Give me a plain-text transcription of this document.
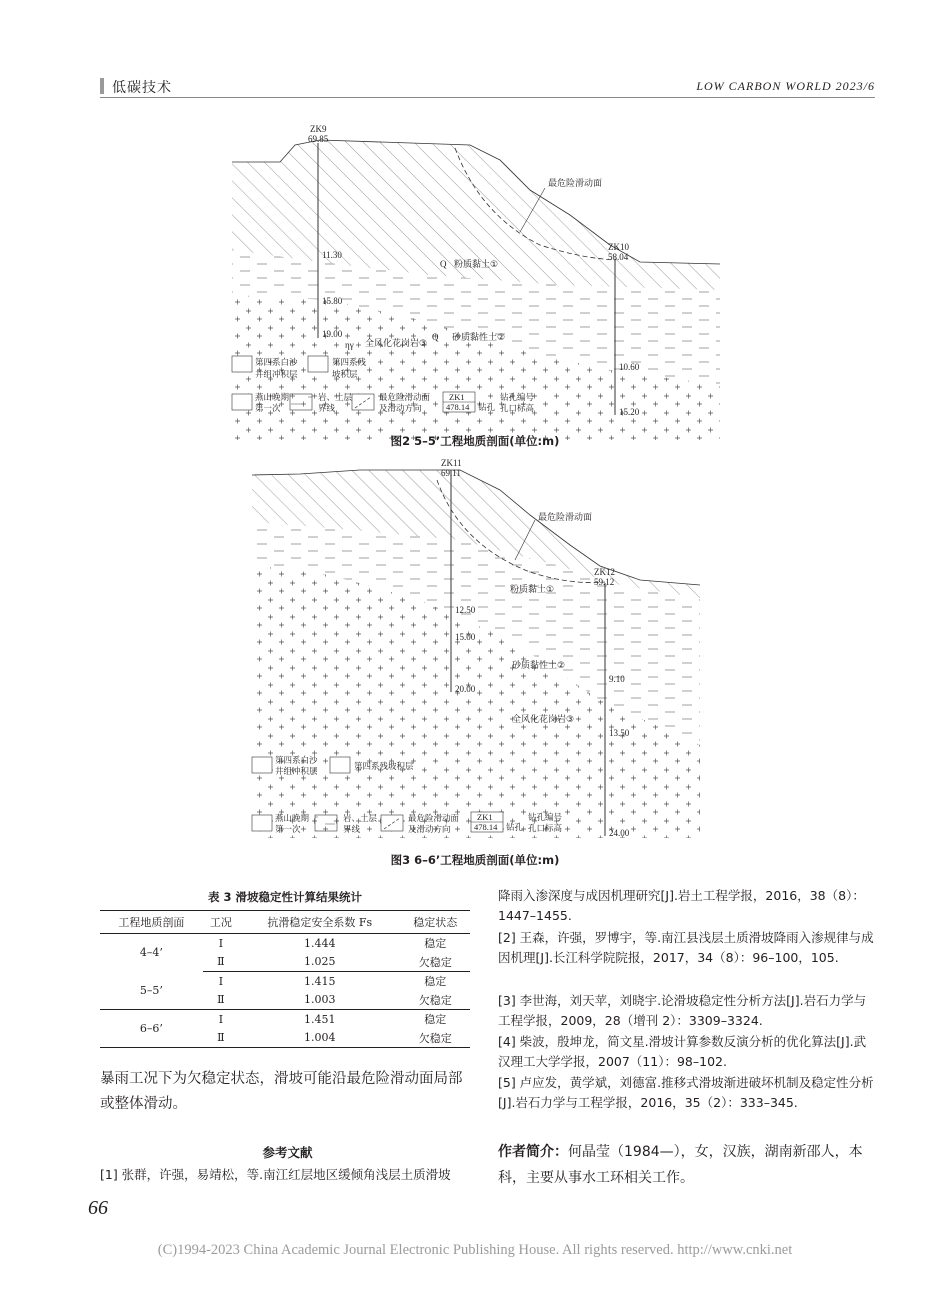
低碳技术	LOW CARBON WORLD 2023/6
ZK9
69.85
11.30
15.80
19.00
ZK10
58.04
10.60
15.20
最危险滑动面
Q 粉质黏土①
Q 砂质黏性土②
ηγ 全风化花岗岩③
第四系白沙
井组冲积层
第四系残
坡积层
燕山晚期
第一次
岩、土层
界线
最危险滑动面
及滑动方向
ZK1
478.14 钻孔
钻孔编号
孔口标高
ZK11
69.11
12.50
15.00
20.00
ZK12
59.12
9.10
13.50
24.00
最危险滑动面
粉质黏土①
砂质黏性土②
全风化花岗岩③
第四系白沙
井组冲积层	第四系残坡积层
燕山晚期
第一次
岩、土层
界线
最危险滑动面
及滑动方向
ZK1
478.14 钻孔
钻孔编号
孔口标高
图2 5–5’工程地质剖面(单位:m)
图3 6–6’工程地质剖面(单位:m)
表 3 滑坡稳定性计算结果统计
工程地质剖面	工况	抗滑稳定安全系数 Fs	稳定状态
4–4’	Ⅰ	1.444	稳定
	Ⅱ	1.025	欠稳定
5–5’	Ⅰ	1.415	稳定
	Ⅱ	1.003	欠稳定
6–6’	Ⅰ	1.451	稳定
	Ⅱ	1.004	欠稳定
暴雨工况下为欠稳定状态，滑坡可能沿最危险滑动面局部或整体滑动。
参考文献
[1] 张群，许强，易靖松，等.南江红层地区缓倾角浅层土质滑坡
降雨入渗深度与成因机理研究[J].岩土工程学报，2016，38（8）：1447–1455.
[2] 王森，许强，罗博宇，等.南江县浅层土质滑坡降雨入渗规律与成因机理[J].长江科学院院报，2017，34（8）：96–100，105.
[3] 李世海，刘天苹，刘晓宇.论滑坡稳定性分析方法[J].岩石力学与工程学报，2009，28（增刊 2）：3309–3324.
[4] 柴波，殷坤龙，简文星.滑坡计算参数反演分析的优化算法[J].武汉理工大学学报，2007（11）：98–102.
[5] 卢应发，黄学斌，刘德富.推移式滑坡渐进破坏机制及稳定性分析[J].岩石力学与工程学报，2016，35（2）：333–345.
作者简介：何晶莹（1984—），女，汉族，湖南新邵人，本科，主要从事水工环相关工作。
66
(C)1994-2023 China Academic Journal Electronic Publishing House. All rights reserved. http://www.cnki.net
